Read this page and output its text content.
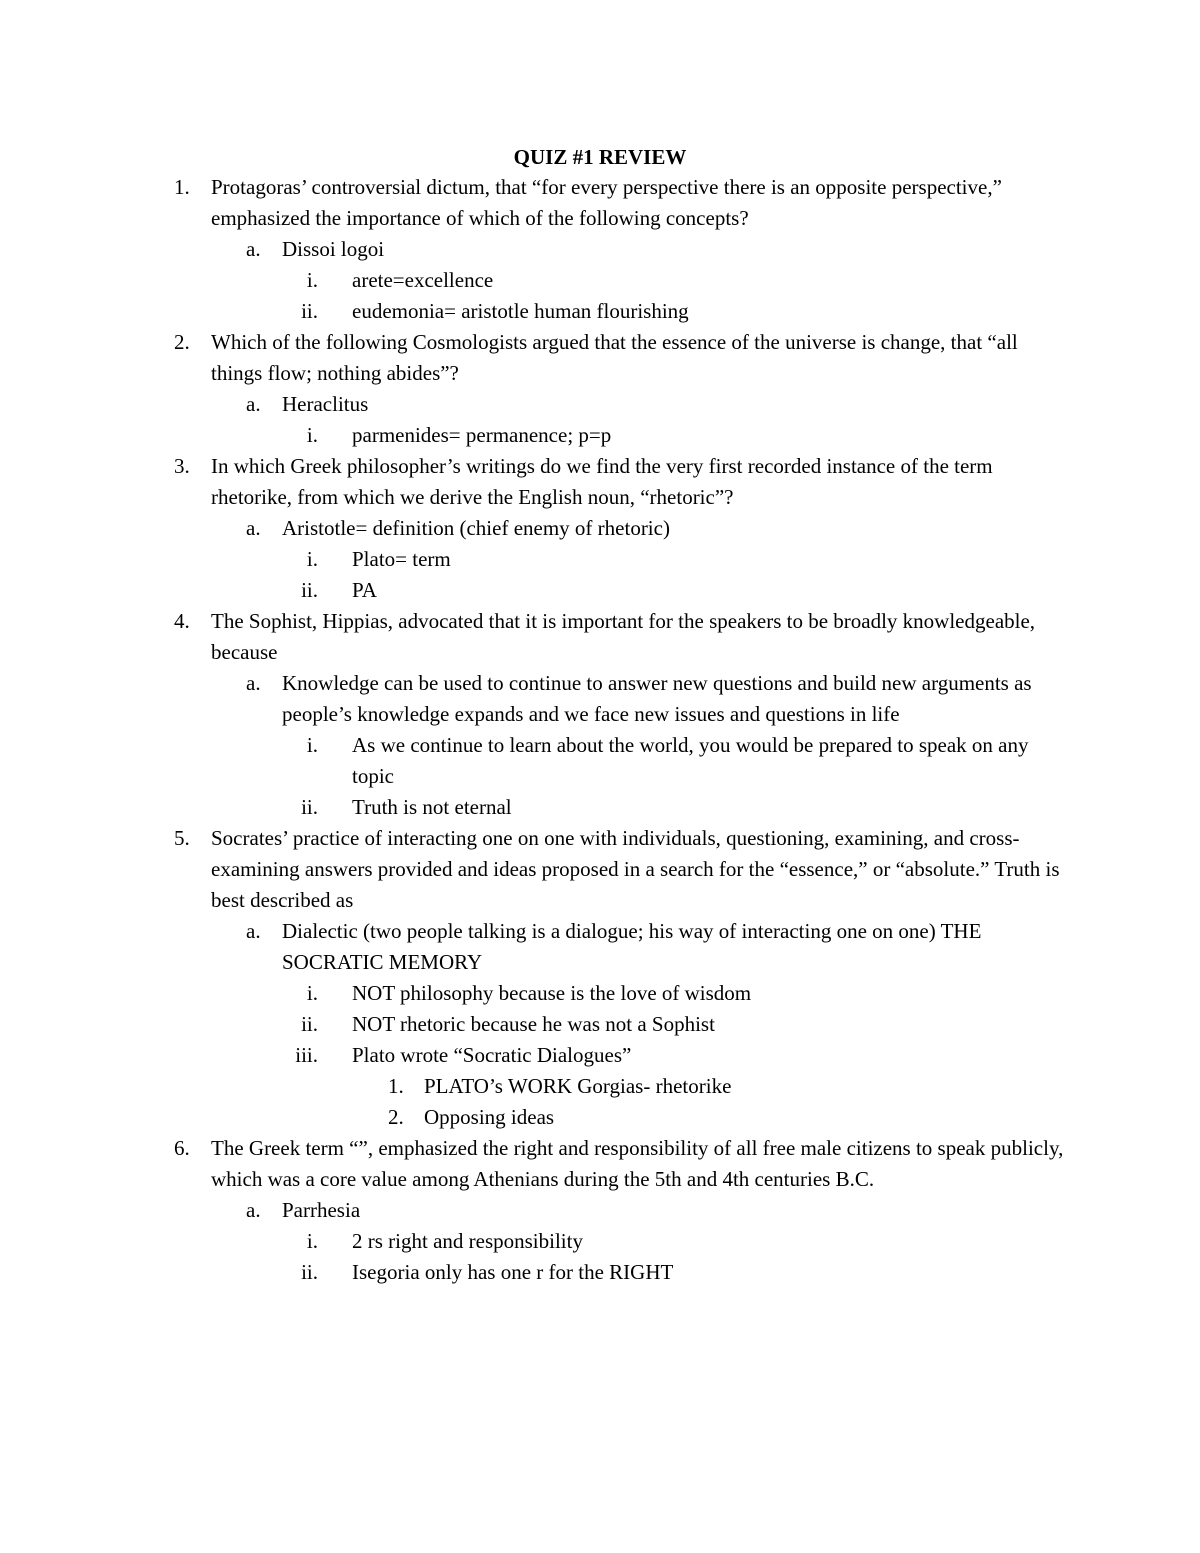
QUIZ #1 REVIEW
1. Protagoras’ controversial dictum, that “for every perspective there is an opposite perspective,” emphasized the importance of which of the following concepts?
a. Dissoi logoi
i. arete=excellence
ii. eudemonia= aristotle human flourishing
2. Which of the following Cosmologists argued that the essence of the universe is change, that “all things flow; nothing abides”?
a. Heraclitus
i. parmenides= permanence; p=p
3. In which Greek philosopher’s writings do we find the very first recorded instance of the term rhetorike, from which we derive the English noun, “rhetoric”?
a. Aristotle= definition (chief enemy of rhetoric)
i. Plato= term
ii. PA
4. The Sophist, Hippias, advocated that it is important for the speakers to be broadly knowledgeable, because
a. Knowledge can be used to continue to answer new questions and build new arguments as people’s knowledge expands and we face new issues and questions in life
i. As we continue to learn about the world, you would be prepared to speak on any topic
ii. Truth is not eternal
5. Socrates’ practice of interacting one on one with individuals, questioning, examining, and cross-examining answers provided and ideas proposed in a search for the “essence,” or “absolute.” Truth is best described as
a. Dialectic (two people talking is a dialogue; his way of interacting one on one) THE SOCRATIC MEMORY
i. NOT philosophy because is the love of wisdom
ii. NOT rhetoric because he was not a Sophist
iii. Plato wrote “Socratic Dialogues”
1. PLATO’s WORK Gorgias- rhetorike
2. Opposing ideas
6. The Greek term “”, emphasized the right and responsibility of all free male citizens to speak publicly, which was a core value among Athenians during the 5th and 4th centuries B.C.
a. Parrhesia
i. 2 rs right and responsibility
ii. Isegoria only has one r for the RIGHT
